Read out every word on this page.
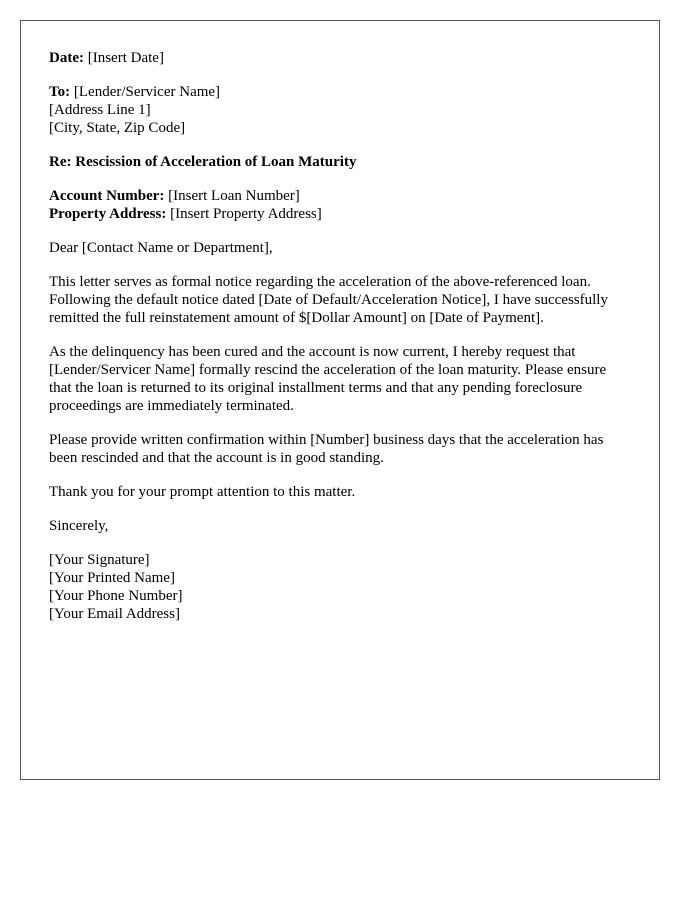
Date: [Insert Date]

To: [Lender/Servicer Name]
[Address Line 1]
[City, State, Zip Code]

Re: Rescission of Acceleration of Loan Maturity

Account Number: [Insert Loan Number]
Property Address: [Insert Property Address]

Dear [Contact Name or Department],

This letter serves as formal notice regarding the acceleration of the above-referenced loan. Following the default notice dated [Date of Default/Acceleration Notice], I have successfully remitted the full reinstatement amount of $[Dollar Amount] on [Date of Payment].

As the delinquency has been cured and the account is now current, I hereby request that [Lender/Servicer Name] formally rescind the acceleration of the loan maturity. Please ensure that the loan is returned to its original installment terms and that any pending foreclosure proceedings are immediately terminated.

Please provide written confirmation within [Number] business days that the acceleration has been rescinded and that the account is in good standing.

Thank you for your prompt attention to this matter.

Sincerely,

[Your Signature]
[Your Printed Name]
[Your Phone Number]
[Your Email Address]
